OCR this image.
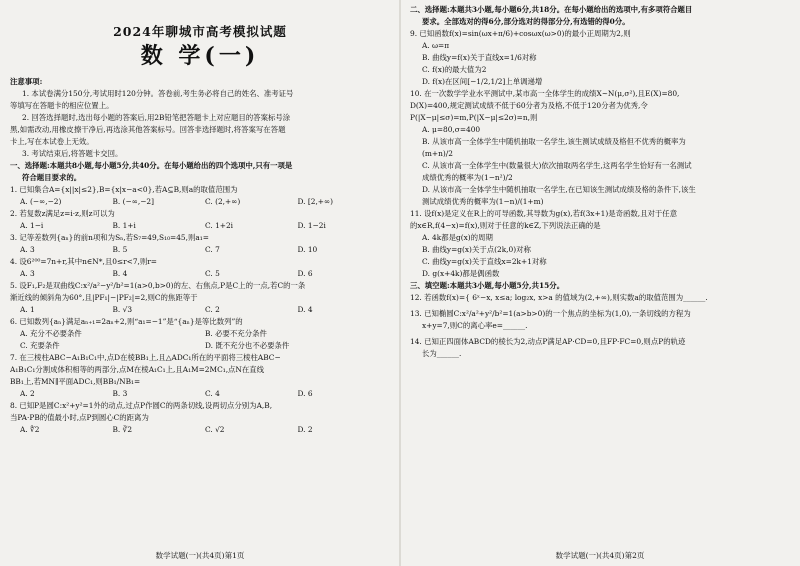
2024年聊城市高考模拟试题
数 学(一)
注意事项:
1. 本试卷满分150分,考试用时120分钟。答卷前,考生务必将自己的姓名、准考证号
等填写在答题卡的相应位置上。
2. 回答选择题时,选出每小题的答案后,用2B铅笔把答题卡上对应题目的答案标号涂
黑,如需改动,用橡皮擦干净后,再选涂其他答案标号。回答非选择题时,将答案写在答题
卡上,写在本试卷上无效。
3. 考试结束后,将答题卡交回。
一、选择题:本题共8小题,每小题5分,共40分。在每小题给出的四个选项中,只有一项是
符合题目要求的。
1. 已知集合A={x||x|≤2},B={x|x−a<0},若A⊆B,则a的取值范围为
A. (−∞,−2)	B. (−∞,−2]	C. (2,+∞)	D. [2,+∞)
2. 若复数z满足z=i·z,则z可以为
A. 1−i	B. 1+i	C. 1+2i	D. 1−2i
3. 记等差数列{aₙ}的前n项和为Sₙ,若S₇=49,S₁₀=45,则a₁=
A. 3	B. 5	C. 7	D. 10
4. 设6²⁰⁰=7n+r,其中n∈N*,且0≤r<7,则r=
A. 3	B. 4	C. 5	D. 6
5. 设F₁,F₂是双曲线C:x²/a²−y²/b²=1(a>0,b>0)的左、右焦点,P是C上的一点,若C的一条
渐近线的倾斜角为60°,且|PF₁|−|PF₂|=2,则C的焦距等于
A. 1	B. √3	C. 2	D. 4
6. 已知数列{aₙ}满足aₙ₊₁=2aₙ+2,则“a₁=−1”是“{aₙ}是等比数列”的
A. 充分不必要条件	B. 必要不充分条件
C. 充要条件	D. 既不充分也不必要条件
7. 在三棱柱ABC−A₁B₁C₁中,点D在棱BB₁上,且△ADC₁所在的平面将三棱柱ABC−
A₁B₁C₁分割成体积相等的两部分,点M在棱A₁C₁上,且A₁M=2MC₁,点N在直线
BB₁上,若MN∥平面ADC₁,则BB₁/NB₁=
A. 2	B. 3	C. 4	D. 6
8. 已知P是圆C:x²+y²=1外的动点,过点P作圆C的两条切线,设两切点分别为A,B,
当PA·PB的值最小时,点P到圆心C的距离为
A. ∜2	B. ∛2	C. √2	D. 2
数学试题(一)(共4页)第1页
二、选择题:本题共3小题,每小题6分,共18分。在每小题给出的选项中,有多项符合题目
要求。全部选对的得6分,部分选对的得部分分,有选错的得0分。
9. 已知函数f(x)=sin(ωx+π/6)+cosωx(ω>0)的最小正周期为2,则
A. ω=π
B. 曲线y=f(x)关于直线x=1/6对称
C. f(x)的最大值为2
D. f(x)在区间[−1/2,1/2]上单调递增
10. 在一次数学学业水平测试中,某市高一全体学生的成绩X~N(μ,σ²),且E(X)=80,
D(X)=400,规定测试成绩不低于60分者为及格,不低于120分者为优秀,令
P(|X−μ|≤σ)=m,P(|X−μ|≤2σ)=n,则
A. μ=80,σ=400
B. 从该市高一全体学生中随机抽取一名学生,该生测试成绩及格但不优秀的概率为
(m+n)/2
C. 从该市高一全体学生中(数量很大)依次抽取两名学生,这两名学生恰好有一名测试
成绩优秀的概率为(1−n²)/2
D. 从该市高一全体学生中随机抽取一名学生,在已知该生测试成绩及格的条件下,该生
测试成绩优秀的概率为(1−n)/(1+m)
11. 设f(x)是定义在R上的可导函数,其导数为g(x),若f(3x+1)是奇函数,且对于任意
的x∈R,f(4−x)=f(x),则对于任意的k∈Z,下列说法正确的是
A. 4k都是g(x)的周期
B. 曲线y=g(x)关于点(2k,0)对称
C. 曲线y=g(x)关于直线x=2k+1对称
D. g(x+4k)都是偶函数
三、填空题:本题共3小题,每小题5分,共15分。
12. 若函数f(x)={ 6ˣ−x, x≤a; log₂x, x>a 的值域为(2,+∞),则实数a的取值范围为______.
13. 已知椭圆C:x²/a²+y²/b²=1(a>b>0)的一个焦点的坐标为(1,0),一条切线的方程为
x+y=7,则C的离心率e=______.
14. 已知正四面体ABCD的棱长为2,动点P满足AP·CD=0,且FP·FC=0,则点P的轨迹
长为______.
数学试题(一)(共4页)第2页
